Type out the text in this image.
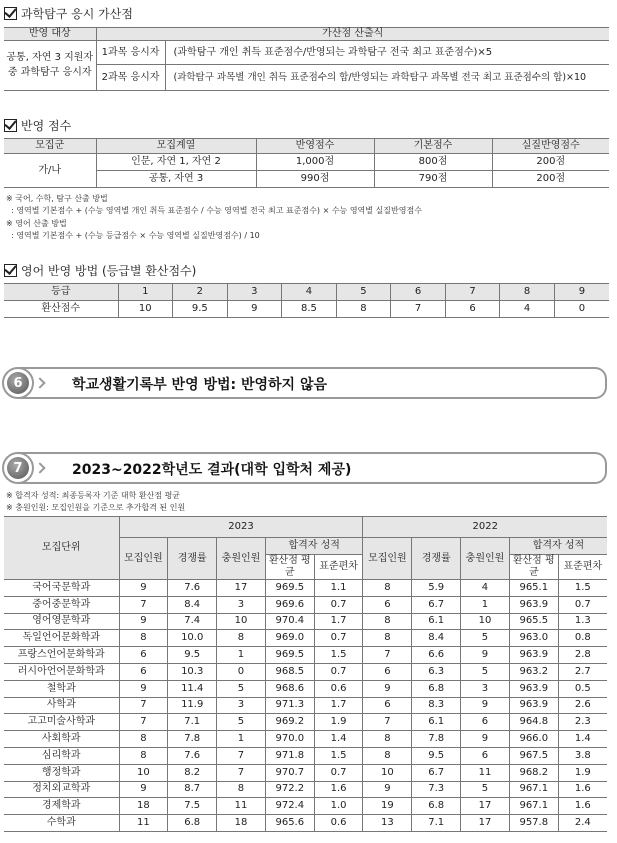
과학탐구 응시 가산점
반영 대상	가산점 산출식	
공통, 자연 3 지원자 중 과학탐구 응시자	1과목 응시자	(과학탐구 개인 취득 표준점수/반영되는 과학탐구 전국 최고 표준점수)×5
	2과목 응시자	(과학탐구 과목별 개인 취득 표준점수의 합/반영되는 과학탐구 과목별 전국 최고 표준점수의 합)×10
반영 점수
모집군	모집계열	반영점수	기본점수	실질반영점수
가/나	인문, 자연 1, 자연 2	1,000점	800점	200점
	공통, 자연 3	990점	790점	200점
※ 국어, 수학, 탐구 산출 방법
: 영역별 기본점수 + (수능 영역별 개인 취득 표준점수 / 수능 영역별 전국 최고 표준점수) × 수능 영역별 실질반영점수
※ 영어 산출 방법
: 영역별 기본점수 + (수능 등급점수 × 수능 영역별 실질반영점수) / 10
영어 반영 방법 (등급별 환산점수)
등급	1	2	3	4	5	6	7	8	9
환산점수	10	9.5	9	8.5	8	7	6	4	0
6	학교생활기록부 반영 방법: 반영하지 않음
7	2023~2022학년도 결과(대학 입학처 제공)
※ 합격자 성적: 최종등록자 기준 대학 환산점 평균
※ 충원인원: 모집인원을 기준으로 추가합격 된 인원
모집단위	2023					2022				
	모집인원	경쟁률	충원인원	합격자 성적		모집인원	경쟁률	충원인원	합격자 성적	
				환산점 평균	표준편차				환산점 평균	표준편차
국어국문학과	9	7.6	17	969.5	1.1	8	5.9	4	965.1	1.5
중어중문학과	7	8.4	3	969.6	0.7	6	6.7	1	963.9	0.7
영어영문학과	9	7.4	10	970.4	1.7	8	6.1	10	965.5	1.3
독일언어문화학과	8	10.0	8	969.0	0.7	8	8.4	5	963.0	0.8
프랑스언어문화학과	6	9.5	1	969.5	1.5	7	6.6	9	963.9	2.8
러시아언어문화학과	6	10.3	0	968.5	0.7	6	6.3	5	963.2	2.7
철학과	9	11.4	5	968.6	0.6	9	6.8	3	963.9	0.5
사학과	7	11.9	3	971.3	1.7	6	8.3	9	963.9	2.6
고고미술사학과	7	7.1	5	969.2	1.9	7	6.1	6	964.8	2.3
사회학과	8	7.8	1	970.0	1.4	8	7.8	9	966.0	1.4
심리학과	8	7.6	7	971.8	1.5	8	9.5	6	967.5	3.8
행정학과	10	8.2	7	970.7	0.7	10	6.7	11	968.2	1.9
정치외교학과	9	8.7	8	972.2	1.6	9	7.3	5	967.1	1.6
경제학과	18	7.5	11	972.4	1.0	19	6.8	17	967.1	1.6
수학과	11	6.8	18	965.6	0.6	13	7.1	17	957.8	2.4
